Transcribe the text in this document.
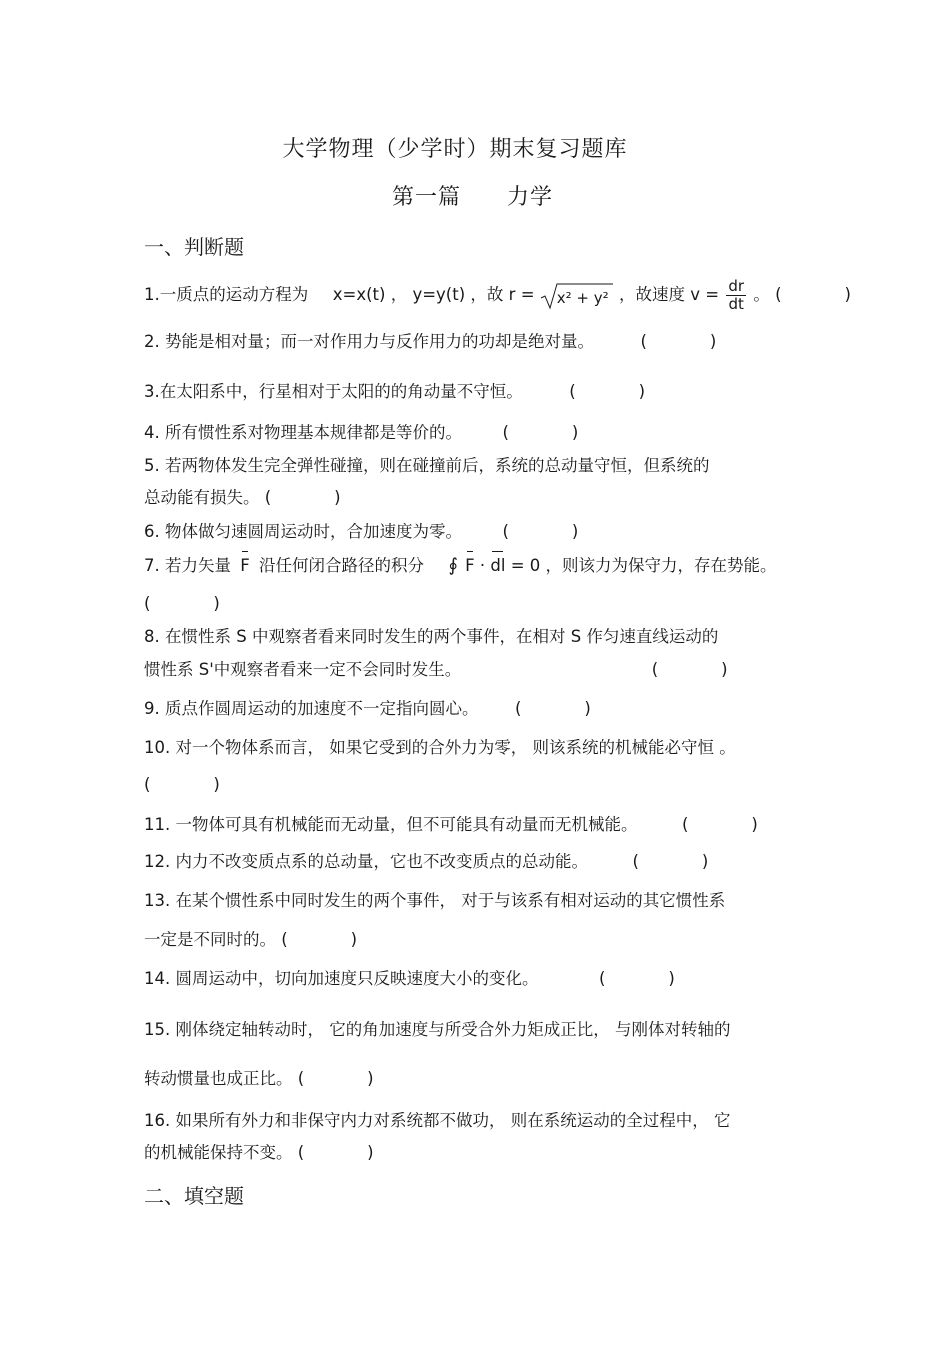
大学物理（少学时）期末复习题库
第一篇 力学
一、判断题
1.一质点的运动方程为 x=x(t) ， y=y(t) ，故 r = x² + y² ，故速度 $v = \frac{dr}{dt}$ 。 (            )
2. 势能是相对量；而一对作用力与反作用力的功却是绝对量。	(            )
3.在太阳系中，行星相对于太阳的的角动量不守恒。	(            )
4. 所有惯性系对物理基本规律都是等价的。 (            )
5. 若两物体发生完全弹性碰撞，则在碰撞前后，系统的总动量守恒，但系统的
总动能有损失。 (            )
6. 物体做匀速圆周运动时，合加速度为零。 (            )
7. 若力矢量 F 沿任何闭合路径的积分 ∮ F · dl = 0 ，则该力为保守力，存在势能。
(            )
8. 在惯性系 S 中观察者看来同时发生的两个事件，在相对 S 作匀速直线运动的
惯性系 S'中观察者看来一定不会同时发生。	(            )
9. 质点作圆周运动的加速度不一定指向圆心。 (            )
10. 对一个物体系而言， 如果它受到的合外力为零， 则该系统的机械能必守恒 。
(            )
11. 一物体可具有机械能而无动量，但不可能具有动量而无机械能。	(            )
12. 内力不改变质点系的总动量，它也不改变质点的总动能。	(            )
13. 在某个惯性系中同时发生的两个事件， 对于与该系有相对运动的其它惯性系
一定是不同时的。 (            )
14. 圆周运动中，切向加速度只反映速度大小的变化。	(            )
15. 刚体绕定轴转动时， 它的角加速度与所受合外力矩成正比， 与刚体对转轴的
转动惯量也成正比。 (            )
16. 如果所有外力和非保守内力对系统都不做功， 则在系统运动的全过程中， 它
的机械能保持不变。 (            )
二、填空题
